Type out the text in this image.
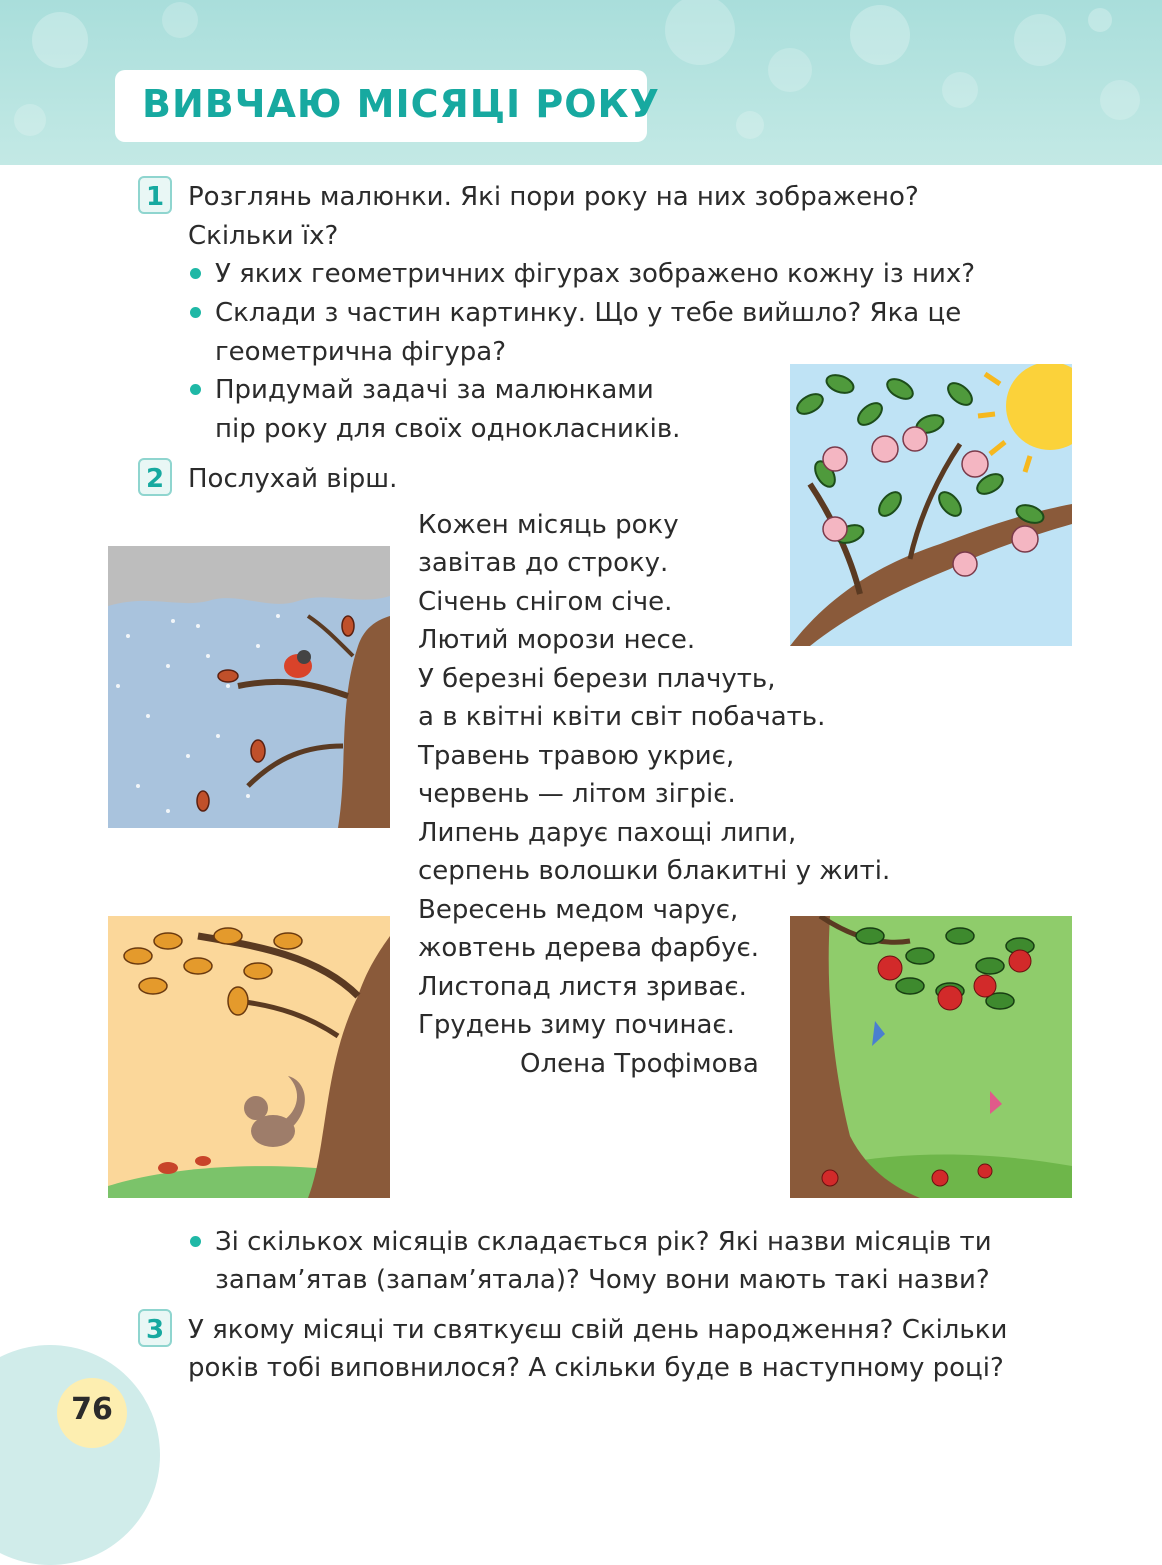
ВИВЧАЮ МІСЯЦІ РОКУ
1 Розглянь малюнки. Які пори року на них зображено?
Скільки їх?
У яких геометричних фігурах зображено кожну із них?
Склади з частин картинку. Що у тебе вийшло? Яка це
геометрична фігура?
Придумай задачі за малюнками
пір року для своїх однокласників.
2 Послухай вірш.
Кожен місяць року
завітав до строку.
Січень снігом січе.
Лютий морози несе.
У березні берези плачуть,
а в квітні квіти світ побачать.
Травень травою укриє,
червень — літом зігріє.
Липень дарує пахощі липи,
серпень волошки блакитні у житі.
Вересень медом чарує,
жовтень дерева фарбує.
Листопад листя зриває.
Грудень зиму починає.
Олена Трофімова
Зі скількох місяців складається рік? Які назви місяців ти
запам’ятав (запам’ятала)? Чому вони мають такі назви?
3 У якому місяці ти святкуєш свій день народження? Скільки
років тобі виповнилося? А скільки буде в наступному році?
76
